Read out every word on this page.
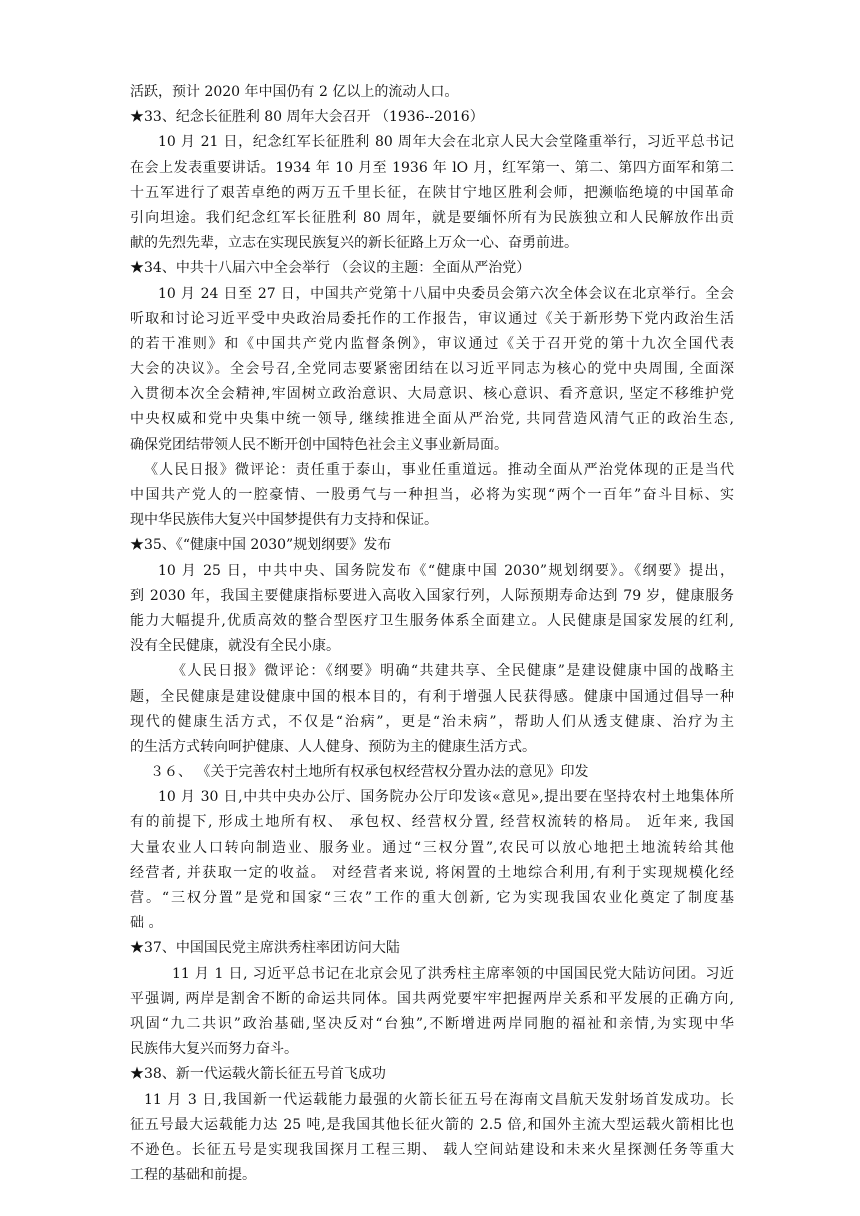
活跃，预计 2020 年中国仍有 2 亿以上的流动人口。
★33、纪念长征胜利 80 周年大会召开 （1936--2016）
10 月 21 日，纪念红军长征胜利 80 周年大会在北京人民大会堂隆重举行，习近平总书记
在会上发表重要讲话。1934 年 10 月至 1936 年 lO 月，红军第一、第二、第四方面军和第二
十五军进行了艰苦卓绝的两万五千里长征，在陕甘宁地区胜利会师，把濒临绝境的中国革命
引向坦途。我们纪念红军长征胜利 80 周年，就是要缅怀所有为民族独立和人民解放作出贡
献的先烈先辈，立志在实现民族复兴的新长征路上万众一心、奋勇前进。
★34、中共十八届六中全会举行 （会议的主题：全面从严治党）
10 月 24 日至 27 日，中国共产党第十八届中央委员会第六次全体会议在北京举行。全会
听取和讨论习近平受中央政治局委托作的工作报告，审议通过《关于新形势下党内政治生活
的若干准则》和《中国共产党内监督条例》，审议通过《关于召开党的第十九次全国代表
大会的决议》。全会号召,全党同志要紧密团结在以习近平同志为核心的党中央周围, 全面深
入贯彻本次全会精神,牢固树立政治意识、大局意识、核心意识、看齐意识, 坚定不移维护党
中央权威和党中央集中统一领导, 继续推进全面从严治党, 共同营造风清气正的政治生态,
确保党团结带领人民不断开创中国特色社会主义事业新局面。
《人民日报》微评论：责任重于泰山，事业任重道远。推动全面从严治党体现的正是当代
中国共产党人的一腔豪情、一股勇气与一种担当，必将为实现“两个一百年”奋斗目标、实
现中华民族伟大复兴中国梦提供有力支持和保证。
★35、《“健康中国 2030”规划纲要》发布
10 月 25 日，中共中央、国务院发布《“健康中国 2030”规划纲要》。《纲要》提出，
到 2030 年，我国主要健康指标要进入高收入国家行列，人际预期寿命达到 79 岁，健康服务
能力大幅提升,优质高效的整合型医疗卫生服务体系全面建立。人民健康是国家发展的红利,
没有全民健康，就没有全民小康。
《人民日报》微评论：《纲要》明确“共建共享、全民健康”是建设健康中国的战略主
题，全民健康是建设健康中国的根本目的，有利于增强人民获得感。健康中国通过倡导一种
现代的健康生活方式，不仅是“治病”，更是“治未病”，帮助人们从透支健康、治疗为主
的生活方式转向呵护健康、人人健身、预防为主的健康生活方式。
３６、 《关于完善农村土地所有权承包权经营权分置办法的意见》印发
10 月 30 日,中共中央办公厅、国务院办公厅印发该«意见»,提出要在坚持农村土地集体所
有的前提下, 形成土地所有权、 承包权、经营权分置, 经营权流转的格局。 近年来, 我国
大量农业人口转向制造业、服务业。通过“三权分置”,农民可以放心地把土地流转给其他
经营者, 并获取一定的收益。 对经营者来说, 将闲置的土地综合利用,有利于实现规模化经
营。“三权分置”是党和国家“三农”工作的重大创新, 它为实现我国农业化奠定了制度基
础 。
★37、中国国民党主席洪秀柱率团访问大陆
11 月 1 日, 习近平总书记在北京会见了洪秀柱主席率领的中国国民党大陆访问团。习近
平强调, 两岸是割舍不断的命运共同体。国共两党要牢牢把握两岸关系和平发展的正确方向,
巩固“九二共识”政治基础,坚决反对“台独”,不断增进两岸同胞的福祉和亲情,为实现中华
民族伟大复兴而努力奋斗。
★38、新一代运载火箭长征五号首飞成功
11 月 3 日,我国新一代运载能力最强的火箭长征五号在海南文昌航天发射场首发成功。长
征五号最大运载能力达 25 吨,是我国其他长征火箭的 2.5 倍,和国外主流大型运载火箭相比也
不逊色。长征五号是实现我国探月工程三期、 载人空间站建设和未来火星探测任务等重大
工程的基础和前提。
